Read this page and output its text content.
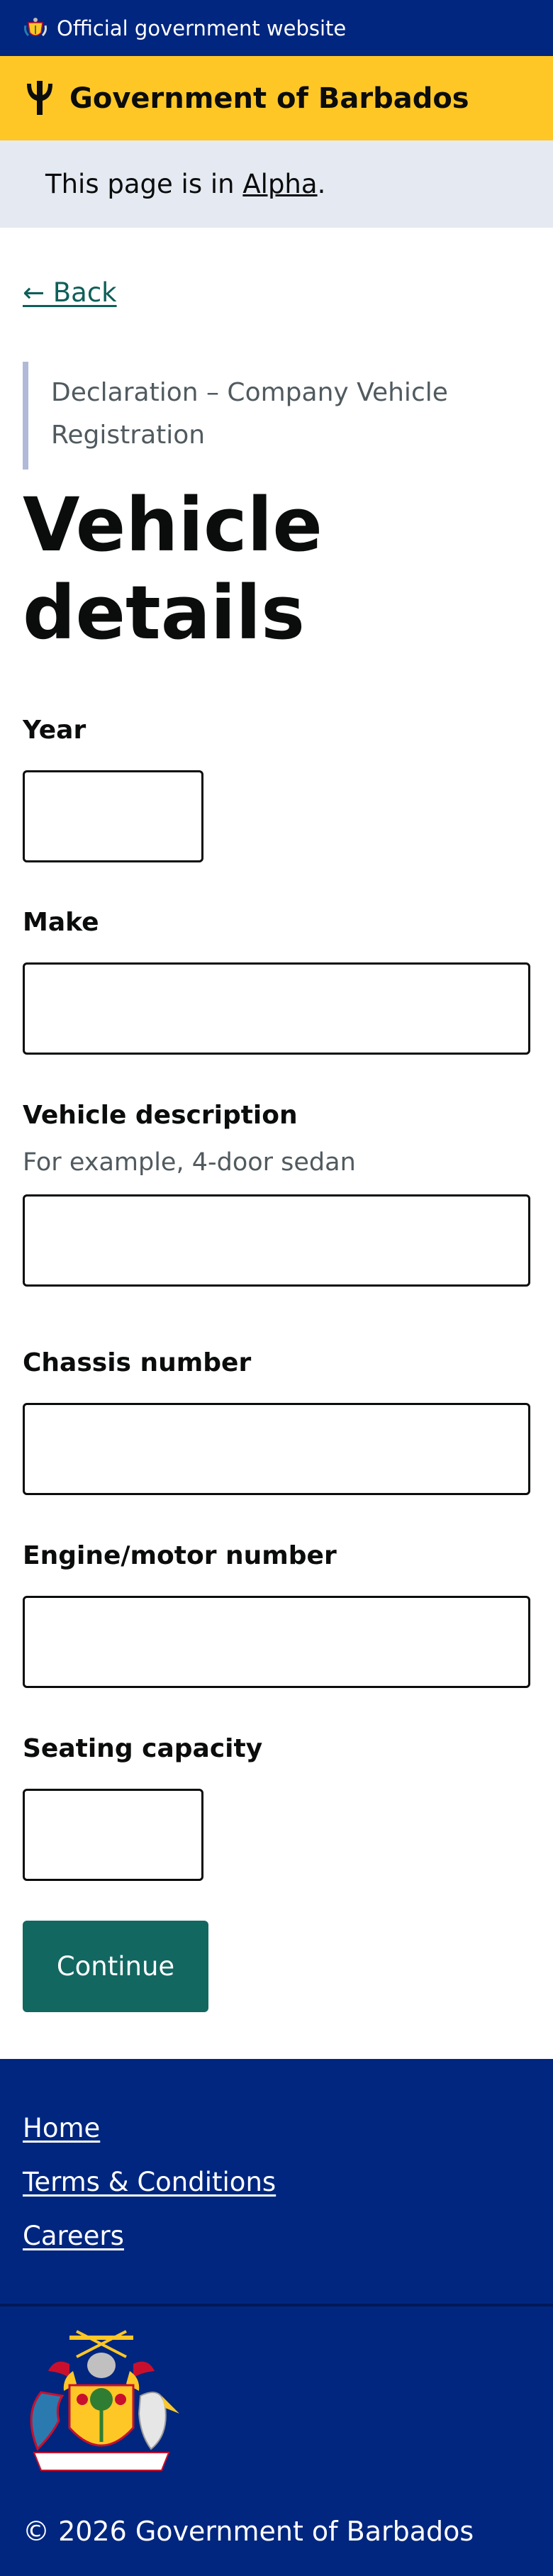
Official government website
Government of Barbados
This page is in Alpha .
← Back
Declaration – Company Vehicle Registration
Vehicle details
Year
Make
Vehicle description
For example, 4-door sedan
Chassis number
Engine/motor number
Seating capacity
Continue
Home
Terms & Conditions
Careers
© 2026 Government of Barbados
